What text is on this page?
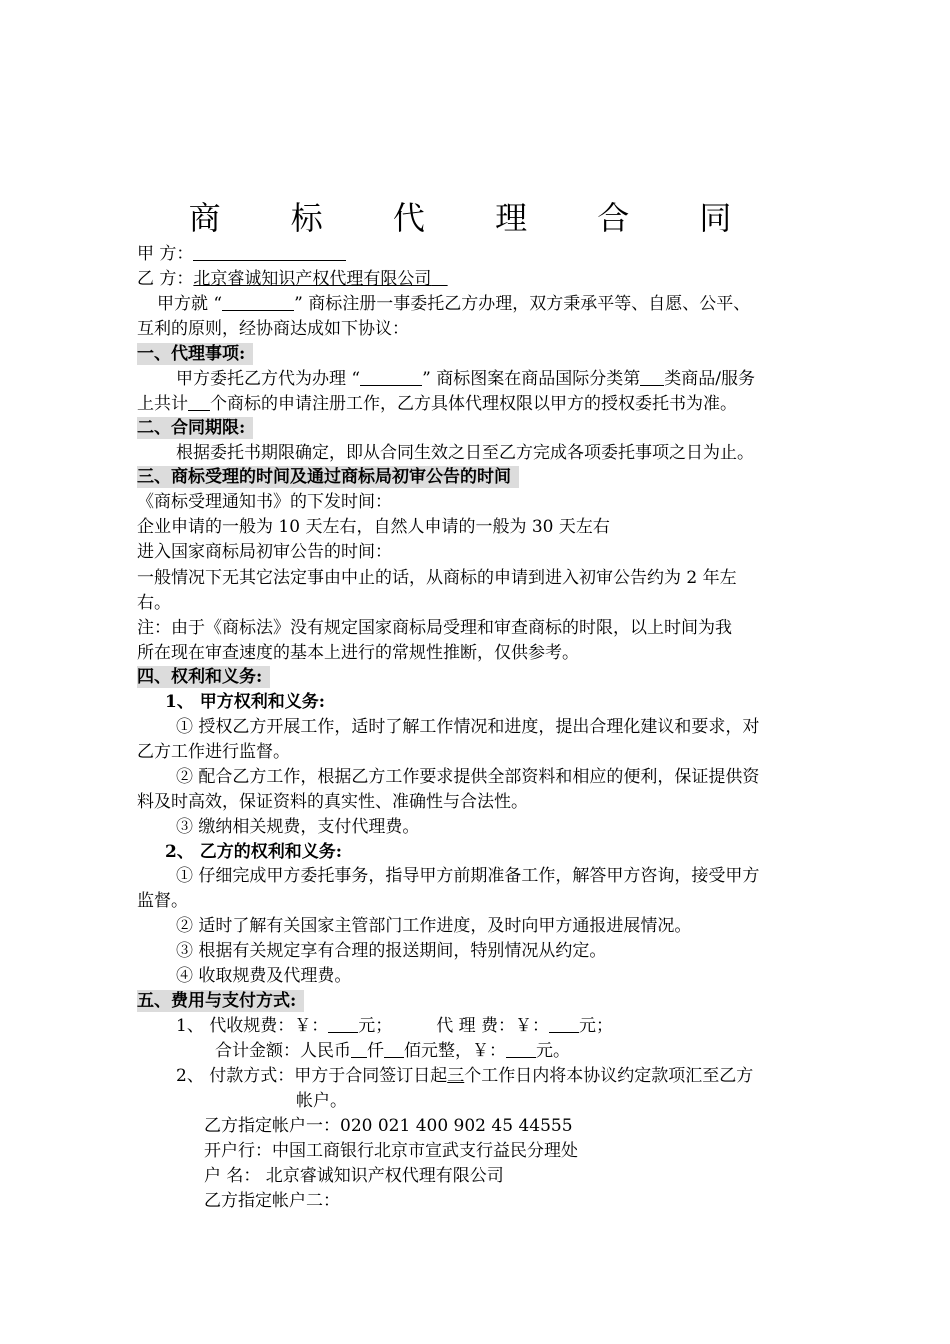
商 标 代 理 合 同
甲 方：
乙 方：北京睿诚知识产权代理有限公司
甲方就 “	” 商标注册一事委托乙方办理，双方秉承平等、自愿、公平、
互利的原则，经协商达成如下协议：
一、代理事项:
甲方委托乙方代为办理 “	” 商标图案在商品国际分类第 类商品/服务
上共计 个商标的申请注册工作，乙方具体代理权限以甲方的授权委托书为准。
二、合同期限:
根据委托书期限确定，即从合同生效之日至乙方完成各项委托事项之日为止。
三、商标受理的时间及通过商标局初审公告的时间
《商标受理通知书》的下发时间：
企业申请的一般为 10 天左右，自然人申请的一般为 30 天左右
进入国家商标局初审公告的时间：
一般情况下无其它法定事由中止的话，从商标的申请到进入初审公告约为 2 年左
右。
注：由于《商标法》没有规定国家商标局受理和审查商标的时限，以上时间为我
所在现在审查速度的基本上进行的常规性推断，仅供参考。
四、权利和义务:
1、 甲方权利和义务:
① 授权乙方开展工作，适时了解工作情况和进度，提出合理化建议和要求，对
乙方工作进行监督。
② 配合乙方工作，根据乙方工作要求提供全部资料和相应的便利，保证提供资
料及时高效，保证资料的真实性、准确性与合法性。
③ 缴纳相关规费，支付代理费。
2、 乙方的权利和义务:
① 仔细完成甲方委托事务，指导甲方前期准备工作，解答甲方咨询，接受甲方
监督。
② 适时了解有关国家主管部门工作进度，及时向甲方通报进展情况。
③ 根据有关规定享有合理的报送期间，特别情况从约定。
④ 收取规费及代理费。
五、费用与支付方式:
1、 代收规费：￥： 元；	代 理 费：￥： 元；
合计金额：人民币 仟 佰元整，￥： 元。
2、 付款方式：甲方于合同签订日起三个工作日内将本协议约定款项汇至乙方
帐户。
乙方指定帐户一：020 021 400 902 45 44555
开户行：中国工商银行北京市宣武支行益民分理处
户 名： 北京睿诚知识产权代理有限公司
乙方指定帐户二：
